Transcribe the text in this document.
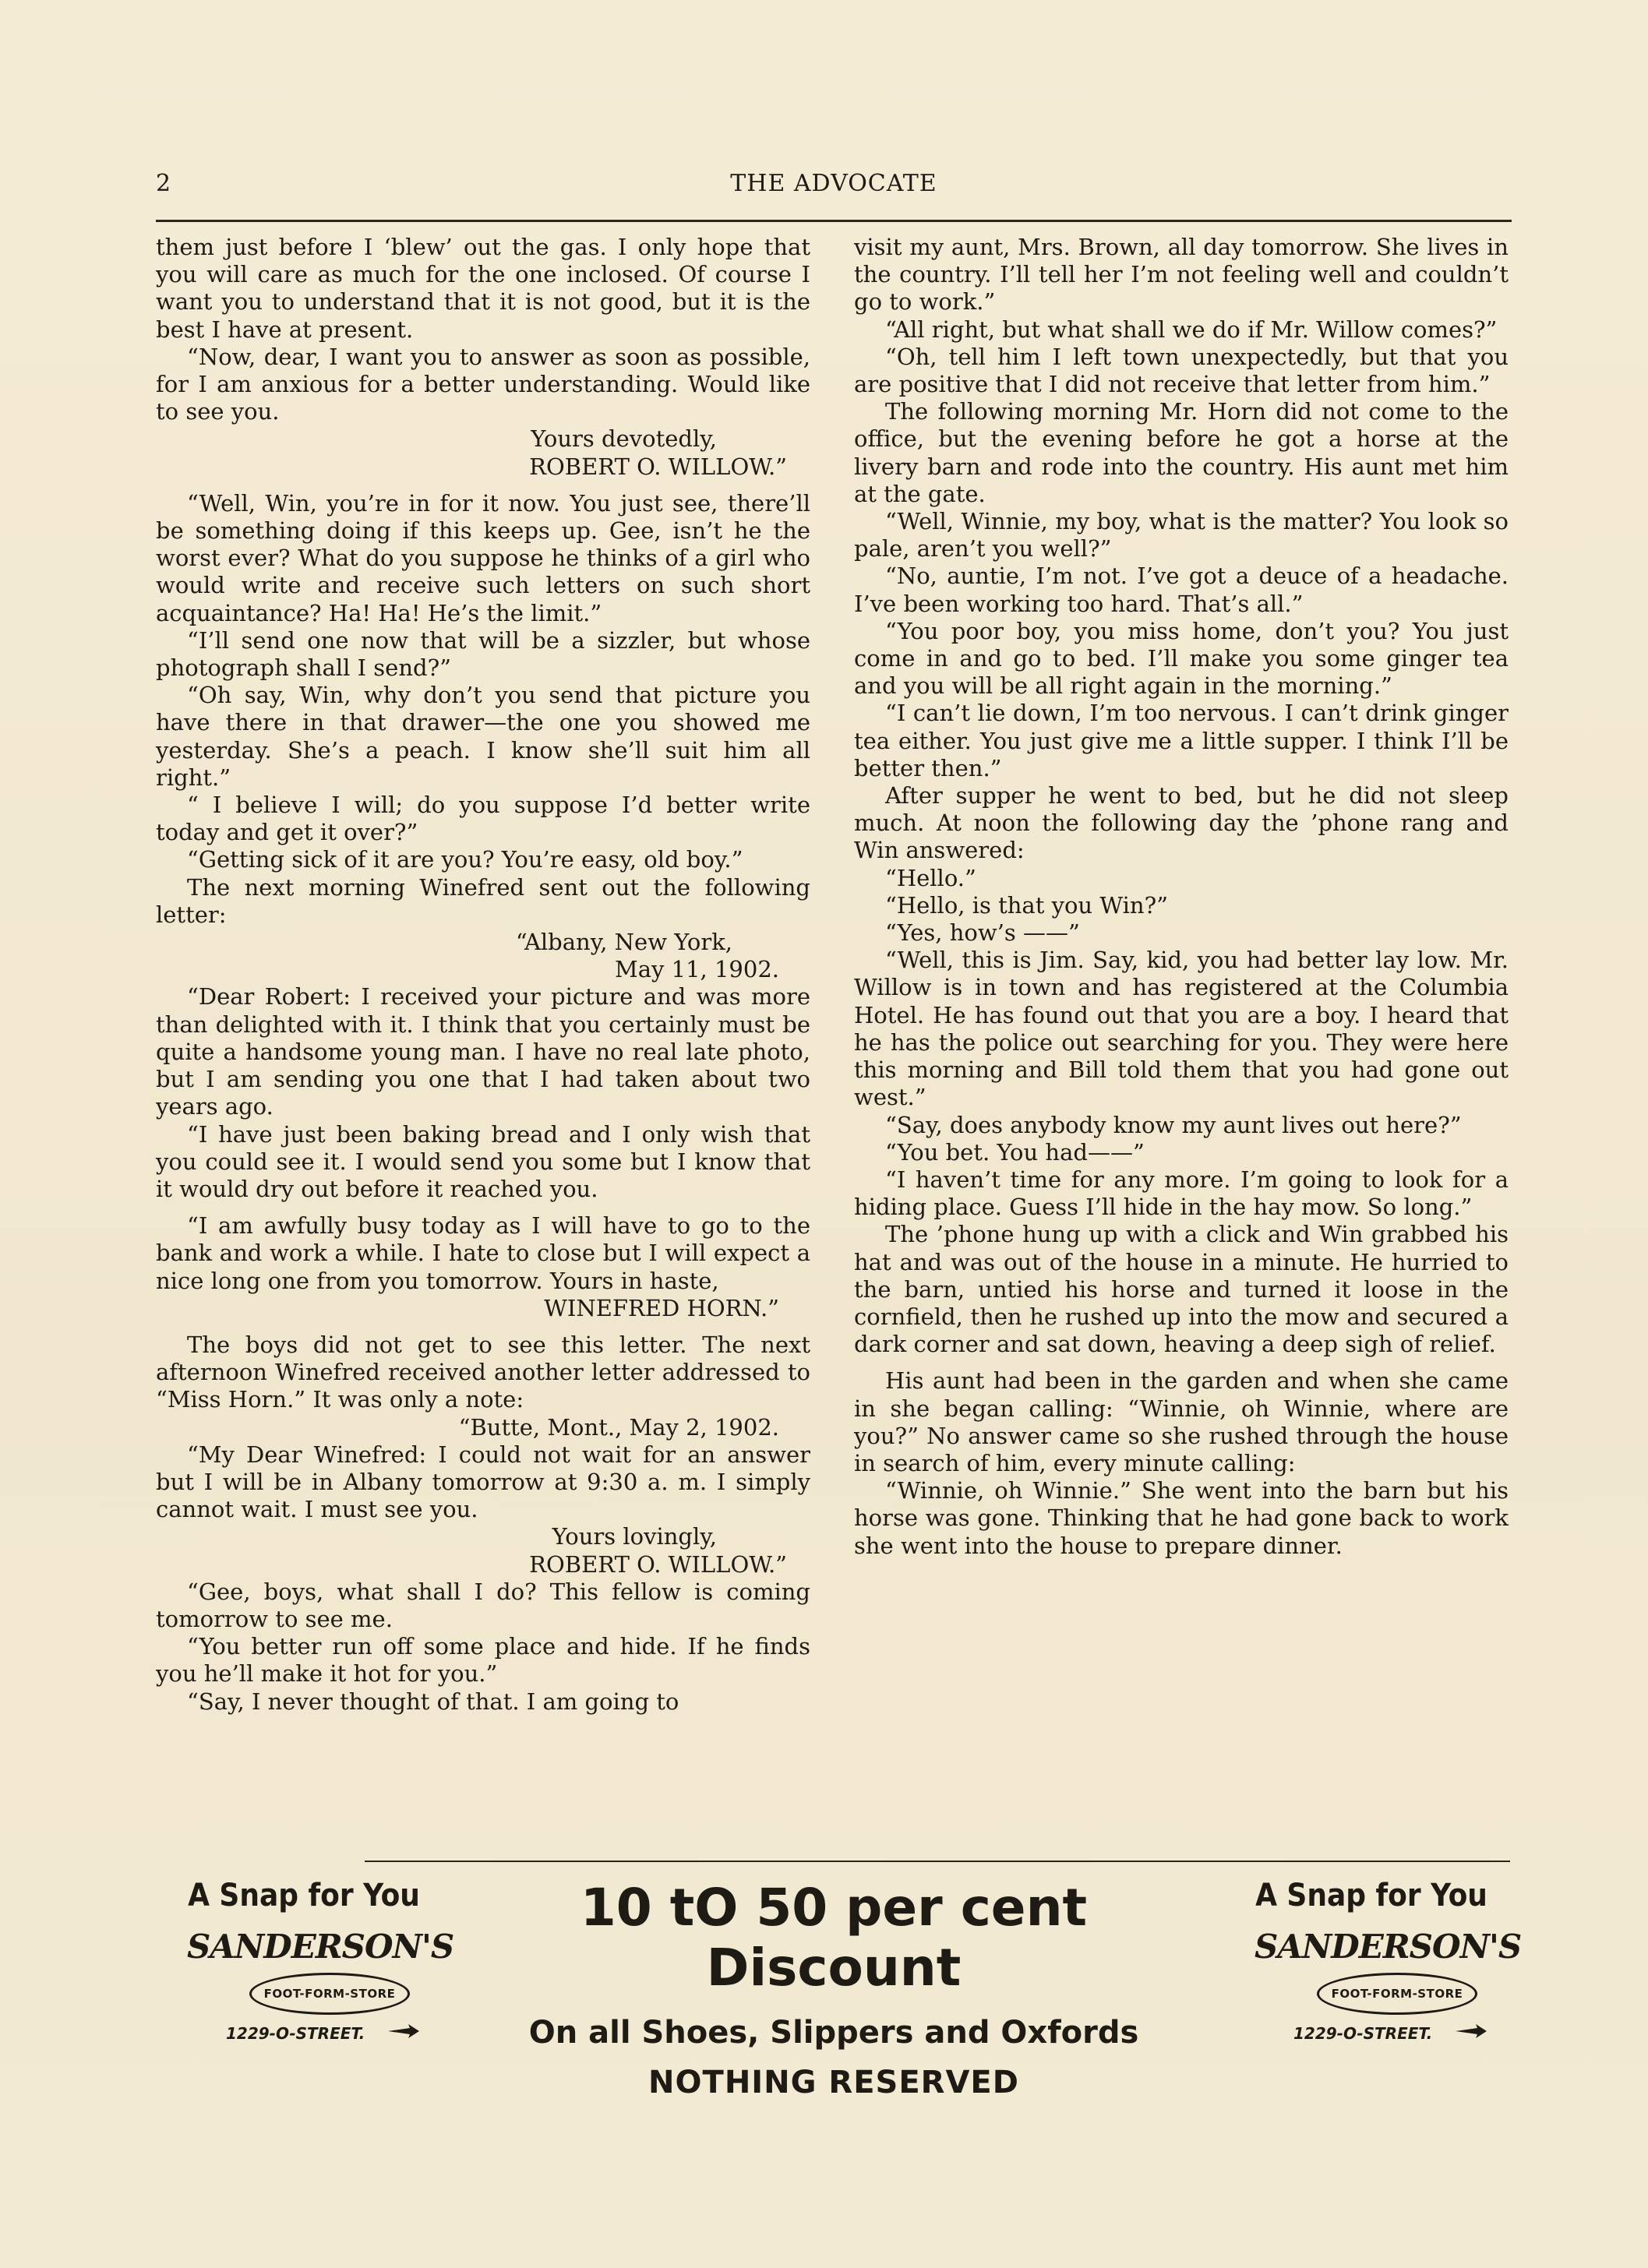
2	THE ADVOCATE

them just before I ‘blew’ out the gas. I only hope that you will care as much for the one inclosed. Of course I want you to understand that it is not good, but it is the best I have at present.

“Now, dear, I want you to answer as soon as possible, for I am anxious for a better understanding. Would like to see you.

Yours devotedly,

ROBERT O. WILLOW.”

“Well, Win, you’re in for it now. You just see, there’ll be something doing if this keeps up. Gee, isn’t he the worst ever? What do you suppose he thinks of a girl who would write and receive such letters on such short acquaintance? Ha! Ha! He’s the limit.”

“I’ll send one now that will be a sizzler, but whose photograph shall I send?”

“Oh say, Win, why don’t you send that picture you have there in that drawer—the one you showed me yesterday. She’s a peach. I know she’ll suit him all right.”

“ I believe I will; do you suppose I’d better write today and get it over?”

“Getting sick of it are you? You’re easy, old boy.”

The next morning Winefred sent out the following letter:

“Albany, New York,

May 11, 1902.

“Dear Robert: I received your picture and was more than delighted with it. I think that you certainly must be quite a handsome young man. I have no real late photo, but I am sending you one that I had taken about two years ago.

“I have just been baking bread and I only wish that you could see it. I would send you some but I know that it would dry out before it reached you.

“I am awfully busy today as I will have to go to the bank and work a while. I hate to close but I will expect a nice long one from you tomorrow. Yours in haste,

WINEFRED HORN.”

The boys did not get to see this letter. The next afternoon Winefred received another letter addressed to “Miss Horn.” It was only a note:

“Butte, Mont., May 2, 1902.

“My Dear Winefred: I could not wait for an answer but I will be in Albany tomorrow at 9:30 a. m. I simply cannot wait. I must see you.

Yours lovingly,

ROBERT O. WILLOW.”

“Gee, boys, what shall I do? This fellow is coming tomorrow to see me.

“You better run off some place and hide. If he finds you he’ll make it hot for you.”

“Say, I never thought of that. I am going to

visit my aunt, Mrs. Brown, all day tomorrow. She lives in the country. I’ll tell her I’m not feeling well and couldn’t go to work.”

“All right, but what shall we do if Mr. Willow comes?”

“Oh, tell him I left town unexpectedly, but that you are positive that I did not receive that letter from him.”

The following morning Mr. Horn did not come to the office, but the evening before he got a horse at the livery barn and rode into the country. His aunt met him at the gate.

“Well, Winnie, my boy, what is the matter? You look so pale, aren’t you well?”

“No, auntie, I’m not. I’ve got a deuce of a headache. I’ve been working too hard. That’s all.”

“You poor boy, you miss home, don’t you? You just come in and go to bed. I’ll make you some ginger tea and you will be all right again in the morning.”

“I can’t lie down, I’m too nervous. I can’t drink ginger tea either. You just give me a little supper. I think I’ll be better then.”

After supper he went to bed, but he did not sleep much. At noon the following day the ’phone rang and Win answered:

“Hello.”

“Hello, is that you Win?”

“Yes, how’s ——”

“Well, this is Jim. Say, kid, you had better lay low. Mr. Willow is in town and has registered at the Columbia Hotel. He has found out that you are a boy. I heard that he has the police out searching for you. They were here this morning and Bill told them that you had gone out west.”

“Say, does anybody know my aunt lives out here?”

“You bet. You had——”

“I haven’t time for any more. I’m going to look for a hiding place. Guess I’ll hide in the hay mow. So long.”

The ’phone hung up with a click and Win grabbed his hat and was out of the house in a minute. He hurried to the barn, untied his horse and turned it loose in the cornfield, then he rushed up into the mow and secured a dark corner and sat down, heaving a deep sigh of relief.

His aunt had been in the garden and when she came in she began calling: “Winnie, oh Winnie, where are you?” No answer came so she rushed through the house in search of him, every minute calling:

“Winnie, oh Winnie.” She went into the barn but his horse was gone. Thinking that he had gone back to work she went into the house to prepare dinner.

A Snap for You
SANDERSON'S
FOOT-FORM-STORE
1229-O-STREET.
10 tO 50 per cent Discount
On all Shoes, Slippers and Oxfords
NOTHING RESERVED
A Snap for You
SANDERSON'S
FOOT-FORM-STORE
1229-O-STREET.
